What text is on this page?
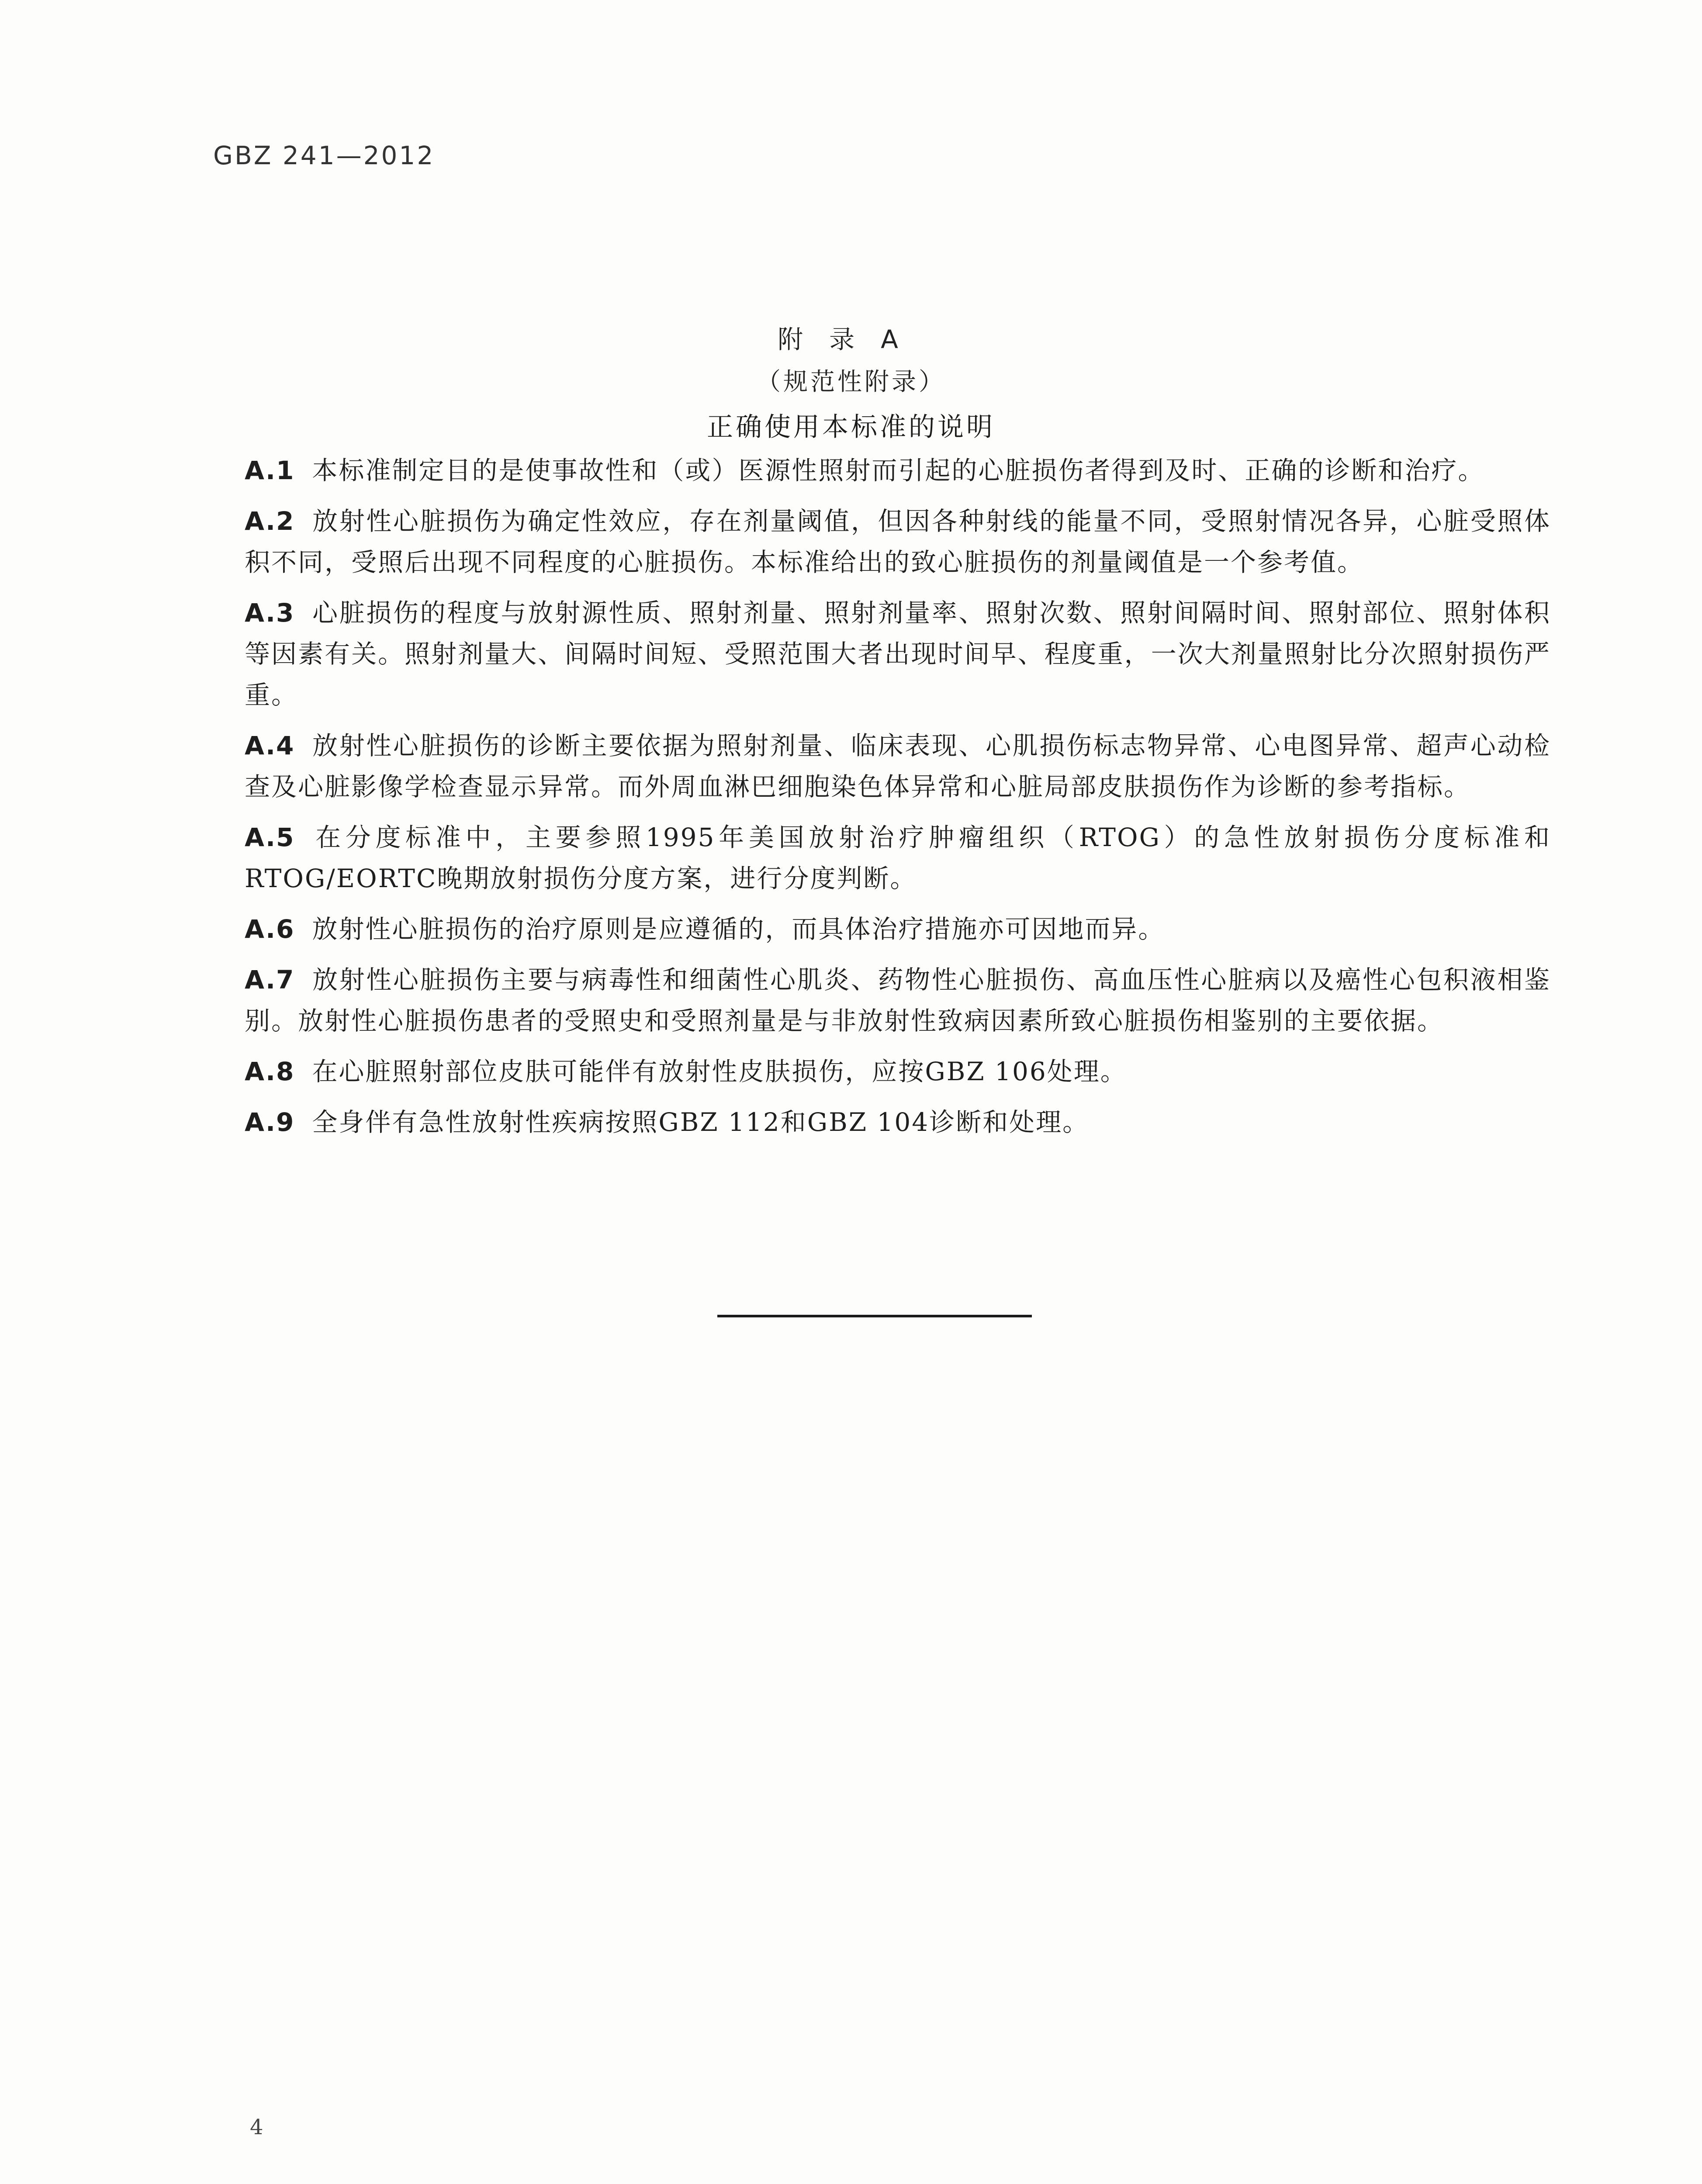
GBZ 241—2012
附录A
（规范性附录）
正确使用本标准的说明

A.1 本标准制定目的是使事故性和（或）医源性照射而引起的心脏损伤者得到及时、正确的诊断和治疗。

A.2 放射性心脏损伤为确定性效应，存在剂量阈值，但因各种射线的能量不同，受照射情况各异，心脏受照体积不同，受照后出现不同程度的心脏损伤。本标准给出的致心脏损伤的剂量阈值是一个参考值。

A.3 心脏损伤的程度与放射源性质、照射剂量、照射剂量率、照射次数、照射间隔时间、照射部位、照射体积等因素有关。照射剂量大、间隔时间短、受照范围大者出现时间早、程度重，一次大剂量照射比分次照射损伤严重。

A.4 放射性心脏损伤的诊断主要依据为照射剂量、临床表现、心肌损伤标志物异常、心电图异常、超声心动检查及心脏影像学检查显示异常。而外周血淋巴细胞染色体异常和心脏局部皮肤损伤作为诊断的参考指标。

A.5 在分度标准中，主要参照1995年美国放射治疗肿瘤组织（RTOG）的急性放射损伤分度标准和RTOG/EORTC晚期放射损伤分度方案，进行分度判断。

A.6 放射性心脏损伤的治疗原则是应遵循的，而具体治疗措施亦可因地而异。

A.7 放射性心脏损伤主要与病毒性和细菌性心肌炎、药物性心脏损伤、高血压性心脏病以及癌性心包积液相鉴别。放射性心脏损伤患者的受照史和受照剂量是与非放射性致病因素所致心脏损伤相鉴别的主要依据。

A.8 在心脏照射部位皮肤可能伴有放射性皮肤损伤，应按GBZ 106处理。

A.9 全身伴有急性放射性疾病按照GBZ 112和GBZ 104诊断和处理。

4
